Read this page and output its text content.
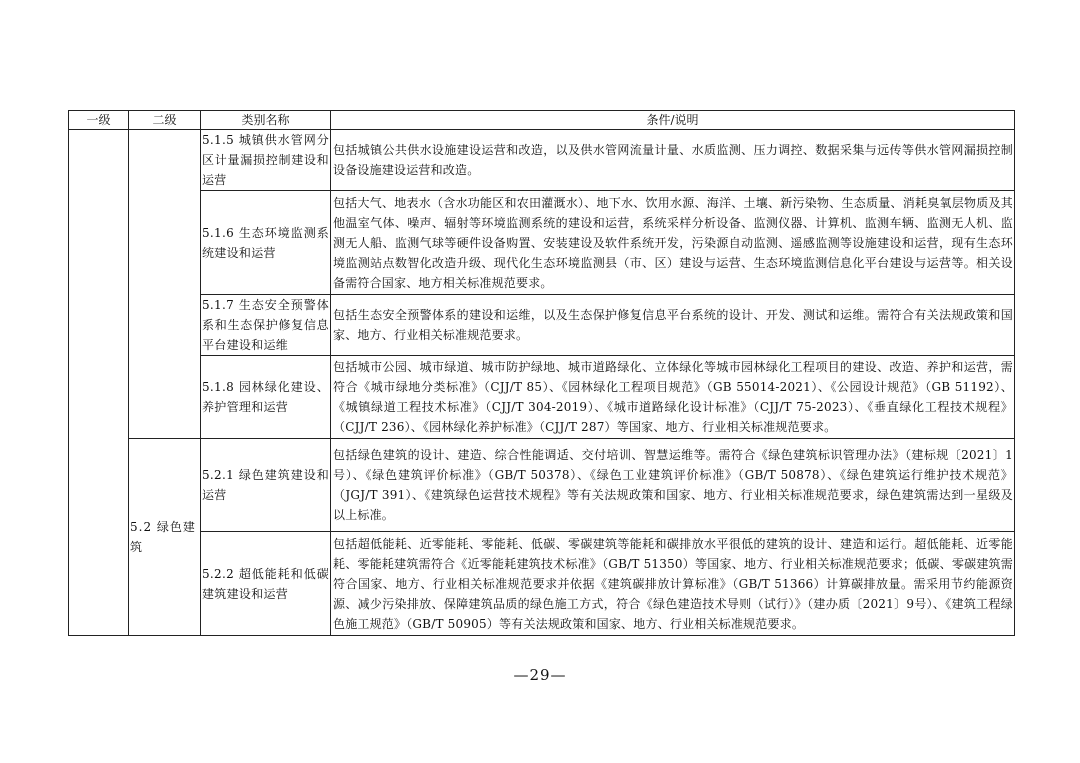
一级	二级	类别名称	条件/说明
		5.1.5 城镇供水管网分区计量漏损控制建设和运营	包括城镇公共供水设施建设运营和改造，以及供水管网流量计量、水质监测、压力调控、数据采集与远传等供水管网漏损控制设备设施建设运营和改造。
		5.1.6 生态环境监测系统建设和运营	包括大气、地表水（含水功能区和农田灌溉水）、地下水、饮用水源、海洋、土壤、新污染物、生态质量、消耗臭氧层物质及其他温室气体、噪声、辐射等环境监测系统的建设和运营，系统采样分析设备、监测仪器、计算机、监测车辆、监测无人机、监测无人船、监测气球等硬件设备购置、安装建设及软件系统开发，污染源自动监测、遥感监测等设施建设和运营，现有生态环境监测站点数智化改造升级、现代化生态环境监测县（市、区）建设与运营、生态环境监测信息化平台建设与运营等。相关设备需符合国家、地方相关标准规范要求。
		5.1.7 生态安全预警体系和生态保护修复信息平台建设和运维	包括生态安全预警体系的建设和运维，以及生态保护修复信息平台系统的设计、开发、测试和运维。需符合有关法规政策和国家、地方、行业相关标准规范要求。
		5.1.8 园林绿化建设、养护管理和运营	包括城市公园、城市绿道、城市防护绿地、城市道路绿化、立体绿化等城市园林绿化工程项目的建设、改造、养护和运营，需符合《城市绿地分类标准》（CJJ/T 85）、《园林绿化工程项目规范》（GB 55014-2021）、《公园设计规范》（GB 51192）、《城镇绿道工程技术标准》（CJJ/T 304-2019）、《城市道路绿化设计标准》（CJJ/T 75-2023）、《垂直绿化工程技术规程》（CJJ/T 236）、《园林绿化养护标准》（CJJ/T 287）等国家、地方、行业相关标准规范要求。
	5.2 绿色建筑	5.2.1 绿色建筑建设和运营	包括绿色建筑的设计、建造、综合性能调适、交付培训、智慧运维等。需符合《绿色建筑标识管理办法》（建标规〔2021〕1号）、《绿色建筑评价标准》（GB/T 50378）、《绿色工业建筑评价标准》（GB/T 50878）、《绿色建筑运行维护技术规范》（JGJ/T 391）、《建筑绿色运营技术规程》等有关法规政策和国家、地方、行业相关标准规范要求，绿色建筑需达到一星级及以上标准。
		5.2.2 超低能耗和低碳建筑建设和运营	包括超低能耗、近零能耗、零能耗、低碳、零碳建筑等能耗和碳排放水平很低的建筑的设计、建造和运行。超低能耗、近零能耗、零能耗建筑需符合《近零能耗建筑技术标准》（GB/T 51350）等国家、地方、行业相关标准规范要求；低碳、零碳建筑需符合国家、地方、行业相关标准规范要求并依据《建筑碳排放计算标准》（GB/T 51366）计算碳排放量。需采用节约能源资源、减少污染排放、保障建筑品质的绿色施工方式，符合《绿色建造技术导则（试行）》（建办质〔2021〕9号）、《建筑工程绿色施工规范》（GB/T 50905）等有关法规政策和国家、地方、行业相关标准规范要求。
—29—
